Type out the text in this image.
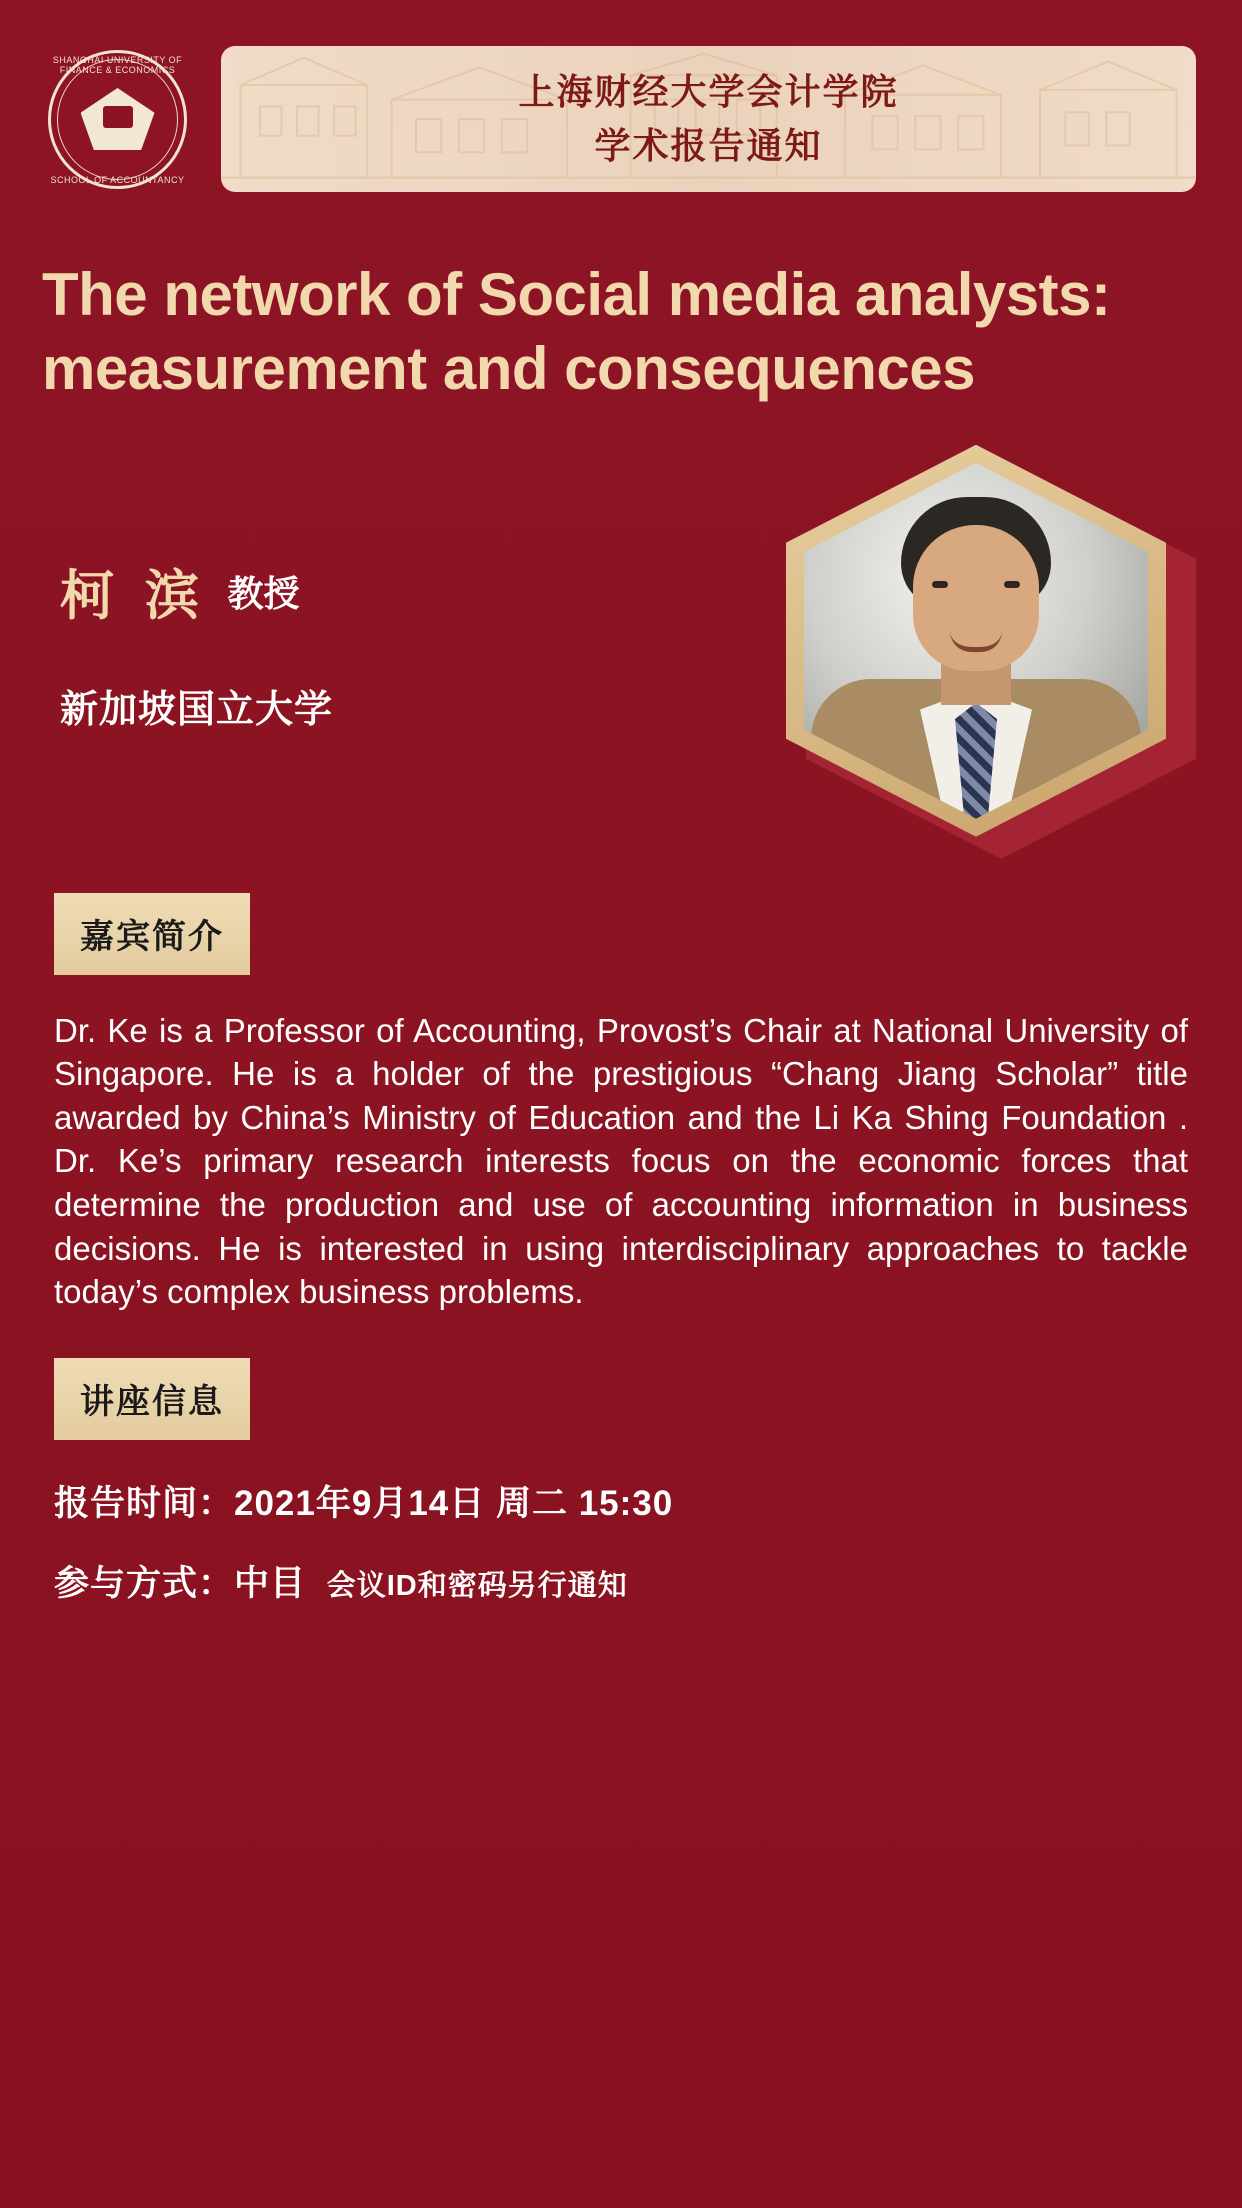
SHANGHAI UNIVERSITY OF FINANCE & ECONOMICS
SCHOOL OF ACCOUNTANCY
上海财经大学会计学院
学术报告通知
The network of Social media analysts: measurement and consequences
柯 滨 教授
新加坡国立大学
嘉宾简介
Dr. Ke is a Professor of Accounting, Provost’s Chair at National University of Singapore. He is a holder of the prestigious “Chang Jiang Scholar” title awarded by China’s Ministry of Education and the Li Ka Shing Foundation . Dr. Ke’s primary research interests focus on the economic forces that determine the production and use of accounting information in business decisions. He is interested in using interdisciplinary approaches to tackle today’s complex business problems.
讲座信息
报告时间：2021年9月14日 周二 15:30
参与方式：中目 会议ID和密码另行通知
